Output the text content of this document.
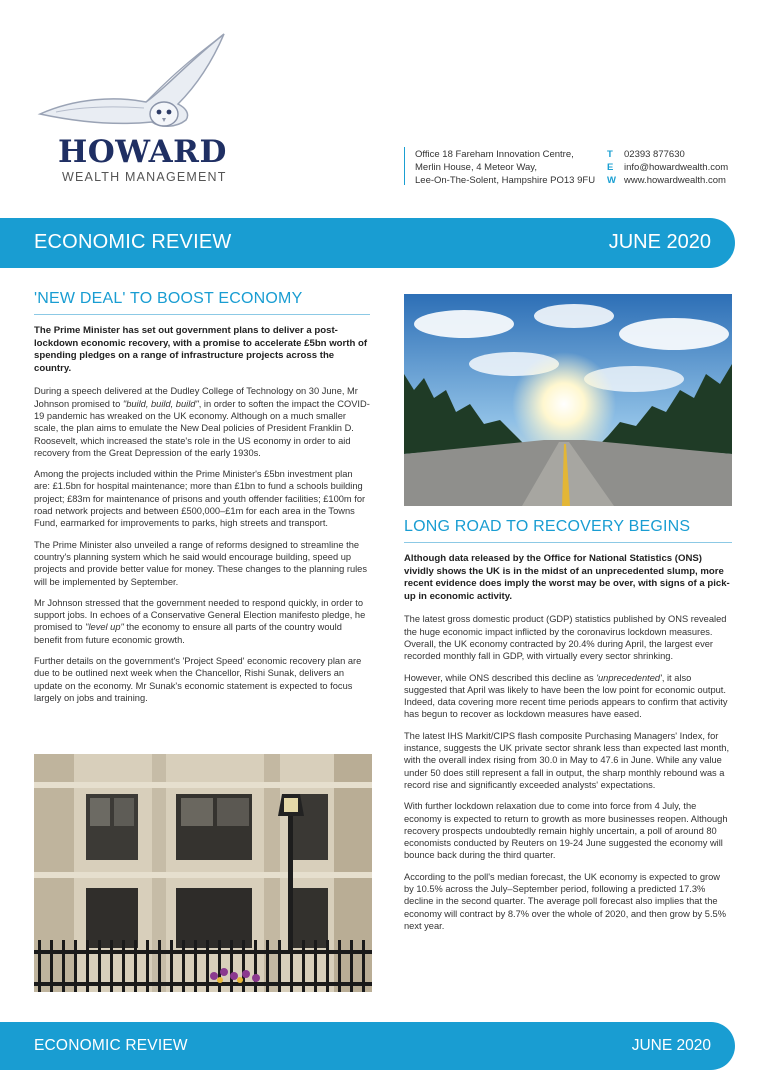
HOWARD
WEALTH MANAGEMENT
Office 18 Fareham Innovation Centre,
Merlin House, 4 Meteor Way,
Lee-On-The-Solent, Hampshire PO13 9FU
T 02393 877630
E info@howardwealth.com
W www.howardwealth.com
ECONOMIC REVIEW	JUNE 2020
'NEW DEAL' TO BOOST ECONOMY
The Prime Minister has set out government plans to deliver a post-lockdown economic recovery, with a promise to accelerate £5bn worth of spending pledges on a range of infrastructure projects across the country.

During a speech delivered at the Dudley College of Technology on 30 June, Mr Johnson promised to "build, build, build", in order to soften the impact the COVID-19 pandemic has wreaked on the UK economy. Although on a much smaller scale, the plan aims to emulate the New Deal policies of President Franklin D. Roosevelt, which increased the state's role in the US economy in order to aid recovery from the Great Depression of the early 1930s.

Among the projects included within the Prime Minister's £5bn investment plan are: £1.5bn for hospital maintenance; more than £1bn to fund a schools building project; £83m for maintenance of prisons and youth offender facilities; £100m for road network projects and between £500,000–£1m for each area in the Towns Fund, earmarked for improvements to parks, high streets and transport.

The Prime Minister also unveiled a range of reforms designed to streamline the country's planning system which he said would encourage building, speed up projects and provide better value for money. These changes to the planning rules will be implemented by September.

Mr Johnson stressed that the government needed to respond quickly, in order to support jobs. In echoes of a Conservative General Election manifesto pledge, he promised to "level up" the economy to ensure all parts of the country would benefit from future economic growth.

Further details on the government's 'Project Speed' economic recovery plan are due to be outlined next week when the Chancellor, Rishi Sunak, delivers an update on the economy. Mr Sunak's economic statement is expected to focus largely on jobs and training.

LONG ROAD TO RECOVERY BEGINS
Although data released by the Office for National Statistics (ONS) vividly shows the UK is in the midst of an unprecedented slump, more recent evidence does imply the worst may be over, with signs of a pick-up in economic activity.

The latest gross domestic product (GDP) statistics published by ONS revealed the huge economic impact inflicted by the coronavirus lockdown measures. Overall, the UK economy contracted by 20.4% during April, the largest ever recorded monthly fall in GDP, with virtually every sector shrinking.

However, while ONS described this decline as 'unprecedented', it also suggested that April was likely to have been the low point for economic output. Indeed, data covering more recent time periods appears to confirm that activity has begun to recover as lockdown measures have eased.

The latest IHS Markit/CIPS flash composite Purchasing Managers' Index, for instance, suggests the UK private sector shrank less than expected last month, with the overall index rising from 30.0 in May to 47.6 in June. While any value under 50 does still represent a fall in output, the sharp monthly rebound was a record rise and significantly exceeded analysts' expectations.

With further lockdown relaxation due to come into force from 4 July, the economy is expected to return to growth as more businesses reopen. Although recovery prospects undoubtedly remain highly uncertain, a poll of around 80 economists conducted by Reuters on 19-24 June suggested the economy will bounce back during the third quarter.

According to the poll's median forecast, the UK economy is expected to grow by 10.5% across the July–September period, following a predicted 17.3% decline in the second quarter. The average poll forecast also implies that the economy will contract by 8.7% over the whole of 2020, and then grow by 5.5% next year.

ECONOMIC REVIEW	JUNE 2020
